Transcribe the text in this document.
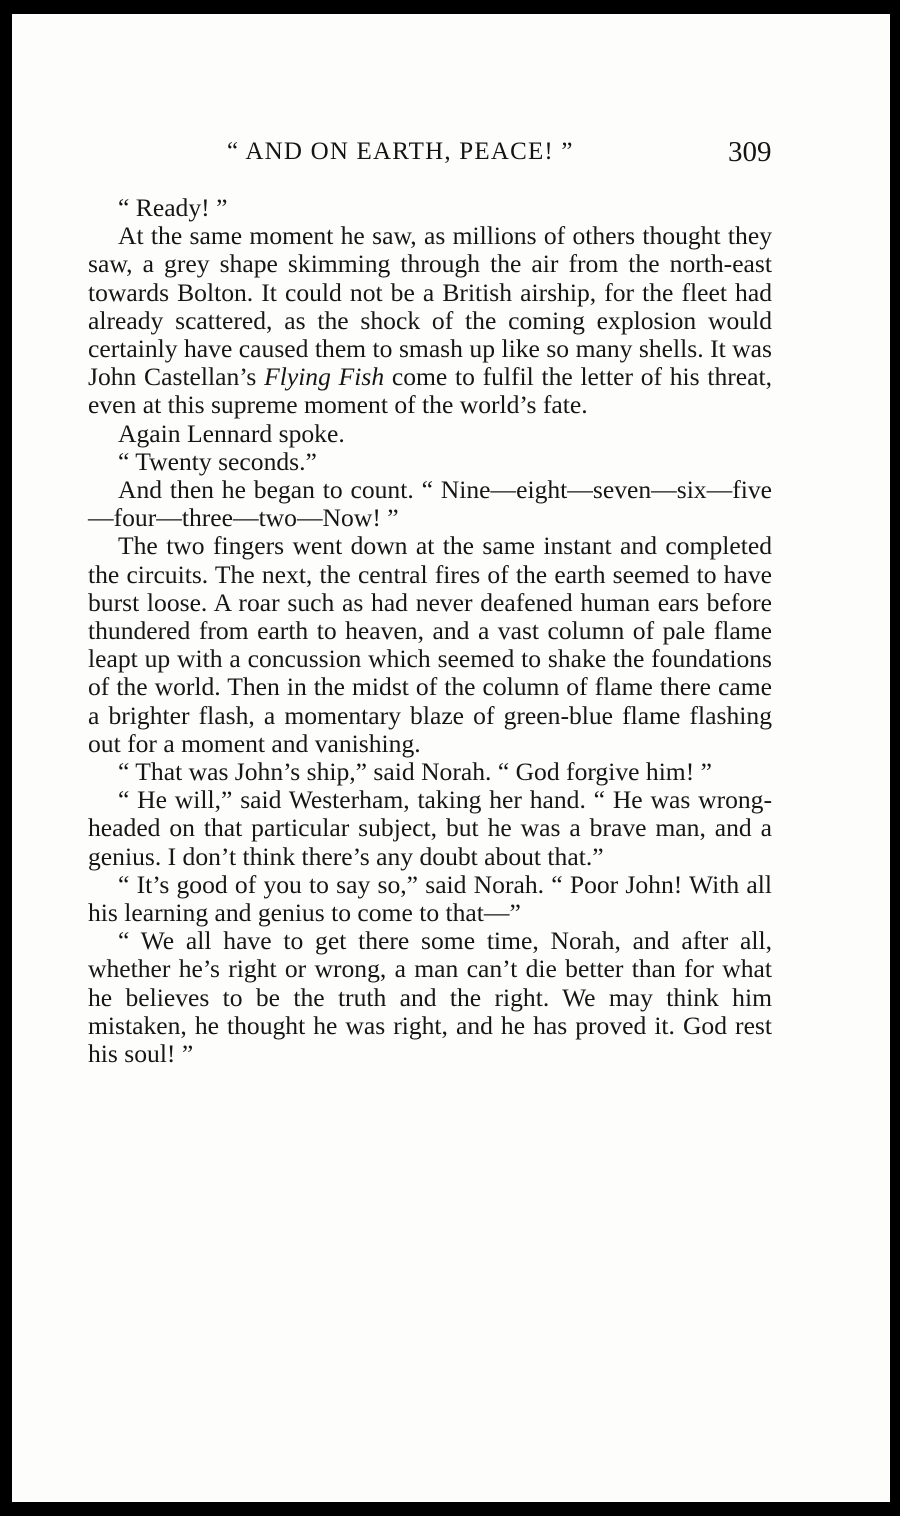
“ AND ON EARTH, PEACE! ”	309

“ Ready! ”

At the same moment he saw, as millions of others thought they saw, a grey shape skimming through the air from the north-east towards Bolton. It could not be a British airship, for the fleet had already scattered, as the shock of the coming explosion would certainly have caused them to smash up like so many shells. It was John Castellan’s Flying Fish come to fulfil the letter of his threat, even at this supreme moment of the world’s fate.

Again Lennard spoke.

“ Twenty seconds.”

And then he began to count. “ Nine—eight—seven—six—five—four—three—two—Now! ”

The two fingers went down at the same instant and completed the circuits. The next, the central fires of the earth seemed to have burst loose. A roar such as had never deafened human ears before thundered from earth to heaven, and a vast column of pale flame leapt up with a concussion which seemed to shake the foundations of the world. Then in the midst of the column of flame there came a brighter flash, a momentary blaze of green-blue flame flashing out for a moment and vanishing.

“ That was John’s ship,” said Norah. “ God forgive him! ”

“ He will,” said Westerham, taking her hand. “ He was wrong-headed on that particular subject, but he was a brave man, and a genius. I don’t think there’s any doubt about that.”

“ It’s good of you to say so,” said Norah. “ Poor John! With all his learning and genius to come to that—”

“ We all have to get there some time, Norah, and after all, whether he’s right or wrong, a man can’t die better than for what he believes to be the truth and the right. We may think him mistaken, he thought he was right, and he has proved it. God rest his soul! ”
